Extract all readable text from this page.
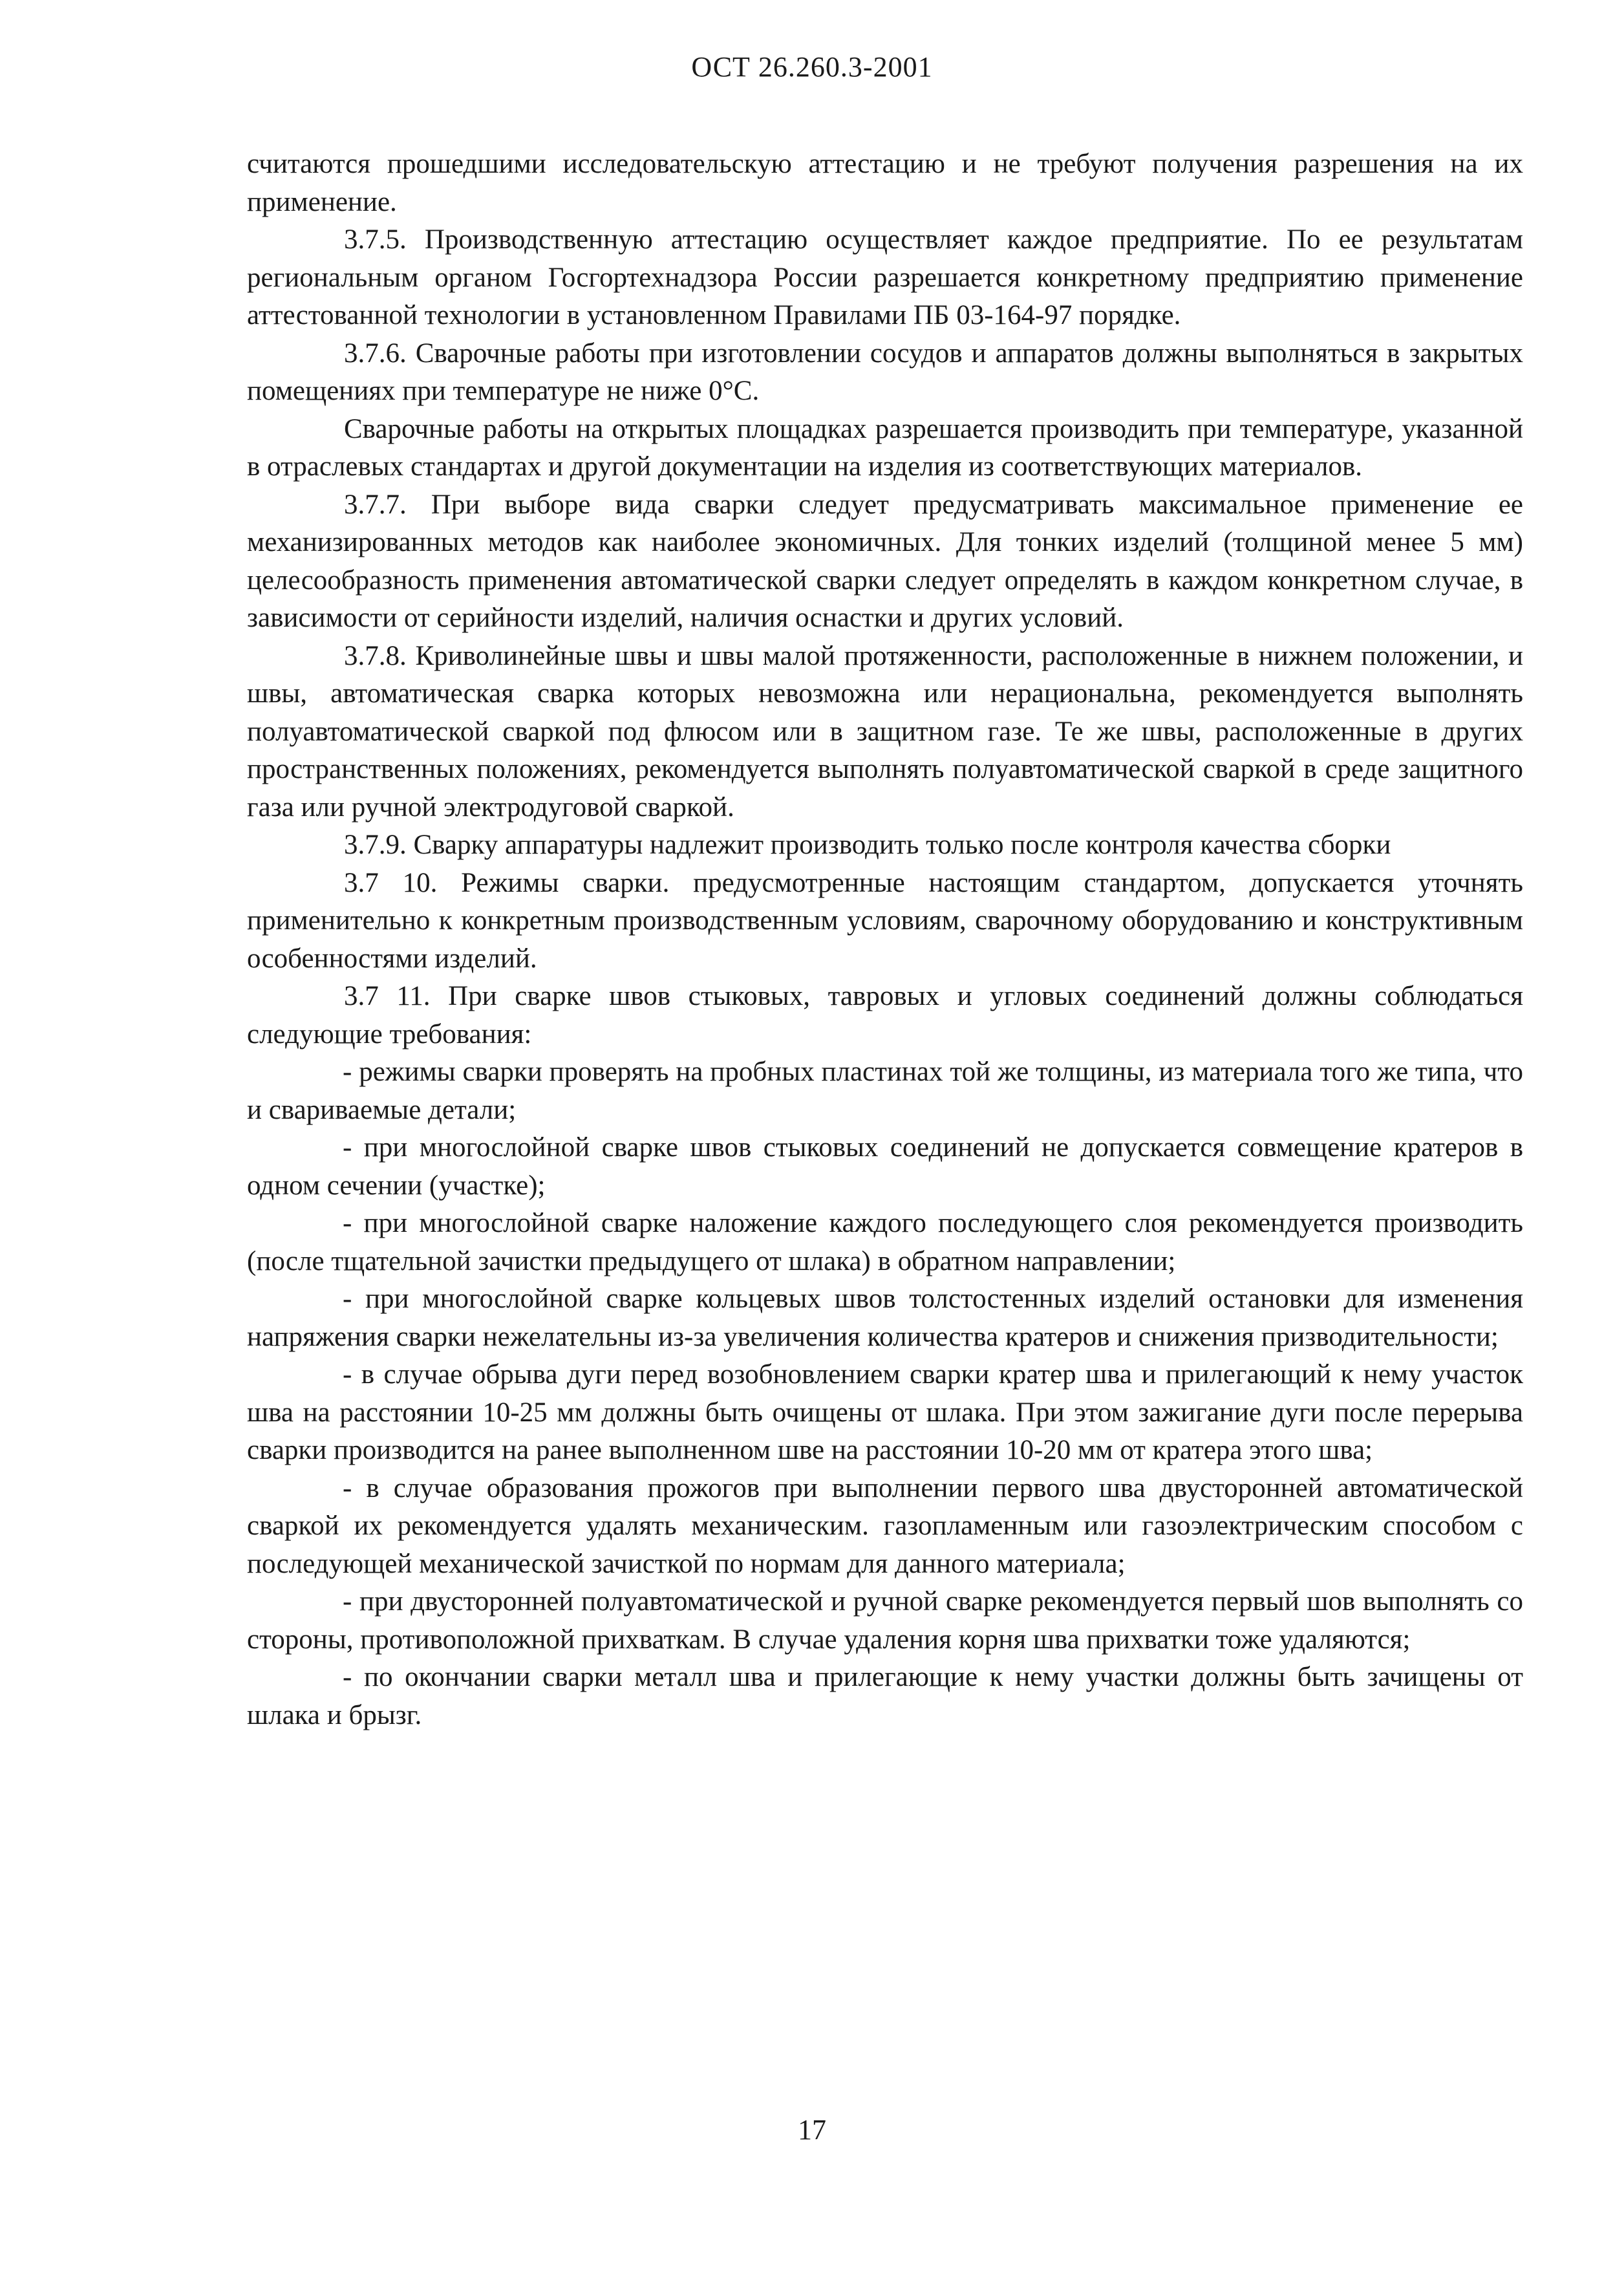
ОСТ 26.260.3-2001

считаются прошедшими исследовательскую аттестацию и не требуют получения разрешения на их применение.

3.7.5. Производственную аттестацию осуществляет каждое предприятие. По ее результатам региональным органом Госгортехнадзора России разрешается конкретному предприятию применение аттестованной технологии в установленном Правилами ПБ 03-164-97 порядке.

3.7.6. Сварочные работы при изготовлении сосудов и аппаратов должны выполняться в закрытых помещениях при температуре не ниже 0°С.

Сварочные работы на открытых площадках разрешается производить при температуре, указанной в отраслевых стандартах и другой документации на изделия из соответствующих материалов.

3.7.7. При выборе вида сварки следует предусматривать максимальное применение ее механизированных методов как наиболее экономичных. Для тонких изделий (толщиной менее 5 мм) целесообразность применения автоматической сварки следует определять в каждом конкретном случае, в зависимости от серийности изделий, наличия оснастки и других условий.

3.7.8. Криволинейные швы и швы малой протяженности, расположенные в нижнем положении, и швы, автоматическая сварка которых невозможна или нерациональна, рекомендуется выполнять полуавтоматической сваркой под флюсом или в защитном газе. Те же швы, расположенные в других пространственных положениях, рекомендуется выполнять полуавтоматической сваркой в среде защитного газа или ручной электродуговой сваркой.

3.7.9. Сварку аппаратуры надлежит производить только после контроля качества сборки

3.7 10. Режимы сварки. предусмотренные настоящим стандартом, допускается уточнять применительно к конкретным производственным условиям, сварочному оборудованию и конструктивным особенностями изделий.

3.7 11. При сварке швов стыковых, тавровых и угловых соединений должны соблюдаться следующие требования:

- режимы сварки проверять на пробных пластинах той же толщины, из материала того же типа, что и свариваемые детали;

- при многослойной сварке швов стыковых соединений не допускается совмещение кратеров в одном сечении (участке);

- при многослойной сварке наложение каждого последующего слоя рекомендуется производить (после тщательной зачистки предыдущего от шлака) в обратном направлении;

- при многослойной сварке кольцевых швов толстостенных изделий остановки для изменения напряжения сварки нежелательны из-за увеличения количества кратеров и снижения призводительности;

- в случае обрыва дуги перед возобновлением сварки кратер шва и прилегающий к нему участок шва на расстоянии 10-25 мм должны быть очищены от шлака. При этом зажигание дуги после перерыва сварки производится на ранее выполненном шве на расстоянии 10-20 мм от кратера этого шва;

- в случае образования прожогов при выполнении первого шва двусторонней автоматической сваркой их рекомендуется удалять механическим. газопламенным или газоэлектрическим способом с последующей механической зачисткой по нормам для данного материала;

- при двусторонней полуавтоматической и ручной сварке рекомендуется первый шов выполнять со стороны, противоположной прихваткам. В случае удаления корня шва прихватки тоже удаляются;

- по окончании сварки металл шва и прилегающие к нему участки должны быть зачищены от шлака и брызг.

17
